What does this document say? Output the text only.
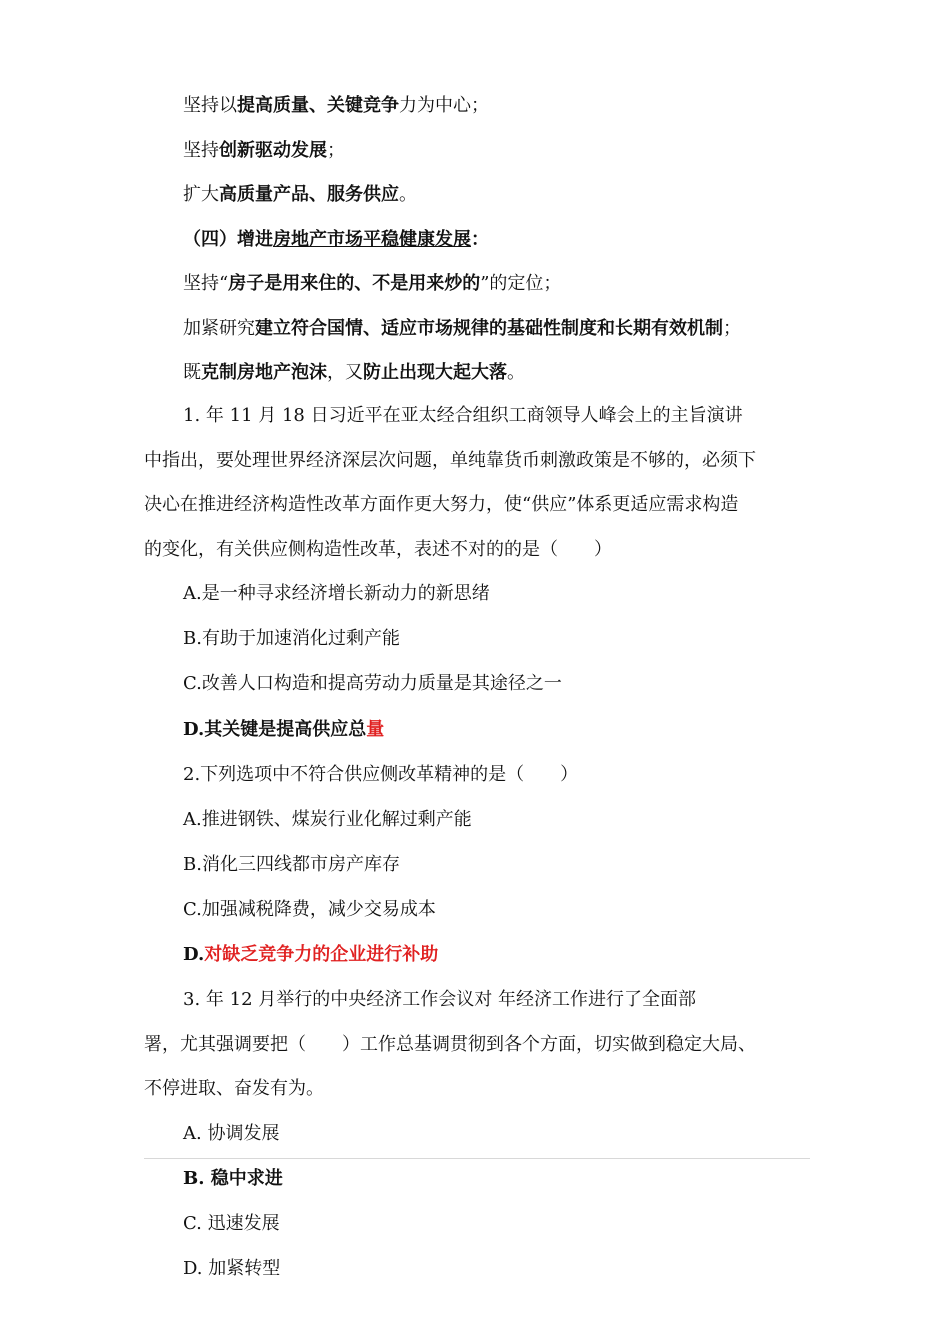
坚持以提高质量、关键竞争力为中心；
坚持创新驱动发展；
扩大高质量产品、服务供应。
（四）增进房地产市场平稳健康发展：
坚持“房子是用来住的、不是用来炒的”的定位；
加紧研究建立符合国情、适应市场规律的基础性制度和长期有效机制；
既克制房地产泡沫，又防止出现大起大落。
1. 年 11 月 18 日习近平在亚太经合组织工商领导人峰会上的主旨演讲
中指出，要处理世界经济深层次问题，单纯靠货币刺激政策是不够的，必须下
决心在推进经济构造性改革方面作更大努力，使“供应”体系更适应需求构造
的变化，有关供应侧构造性改革，表述不对的的是（　　）
A.是一种寻求经济增长新动力的新思绪
B.有助于加速消化过剩产能
C.改善人口构造和提高劳动力质量是其途径之一
D.其关键是提高供应总量
2.下列选项中不符合供应侧改革精神的是（　　）
A.推进钢铁、煤炭行业化解过剩产能
B.消化三四线都市房产库存
C.加强减税降费，减少交易成本
D.对缺乏竞争力的企业进行补助
3. 年 12 月举行的中央经济工作会议对 年经济工作进行了全面部
署，尤其强调要把（　　）工作总基调贯彻到各个方面，切实做到稳定大局、
不停进取、奋发有为。
A. 协调发展
B. 稳中求进
C. 迅速发展
D. 加紧转型
